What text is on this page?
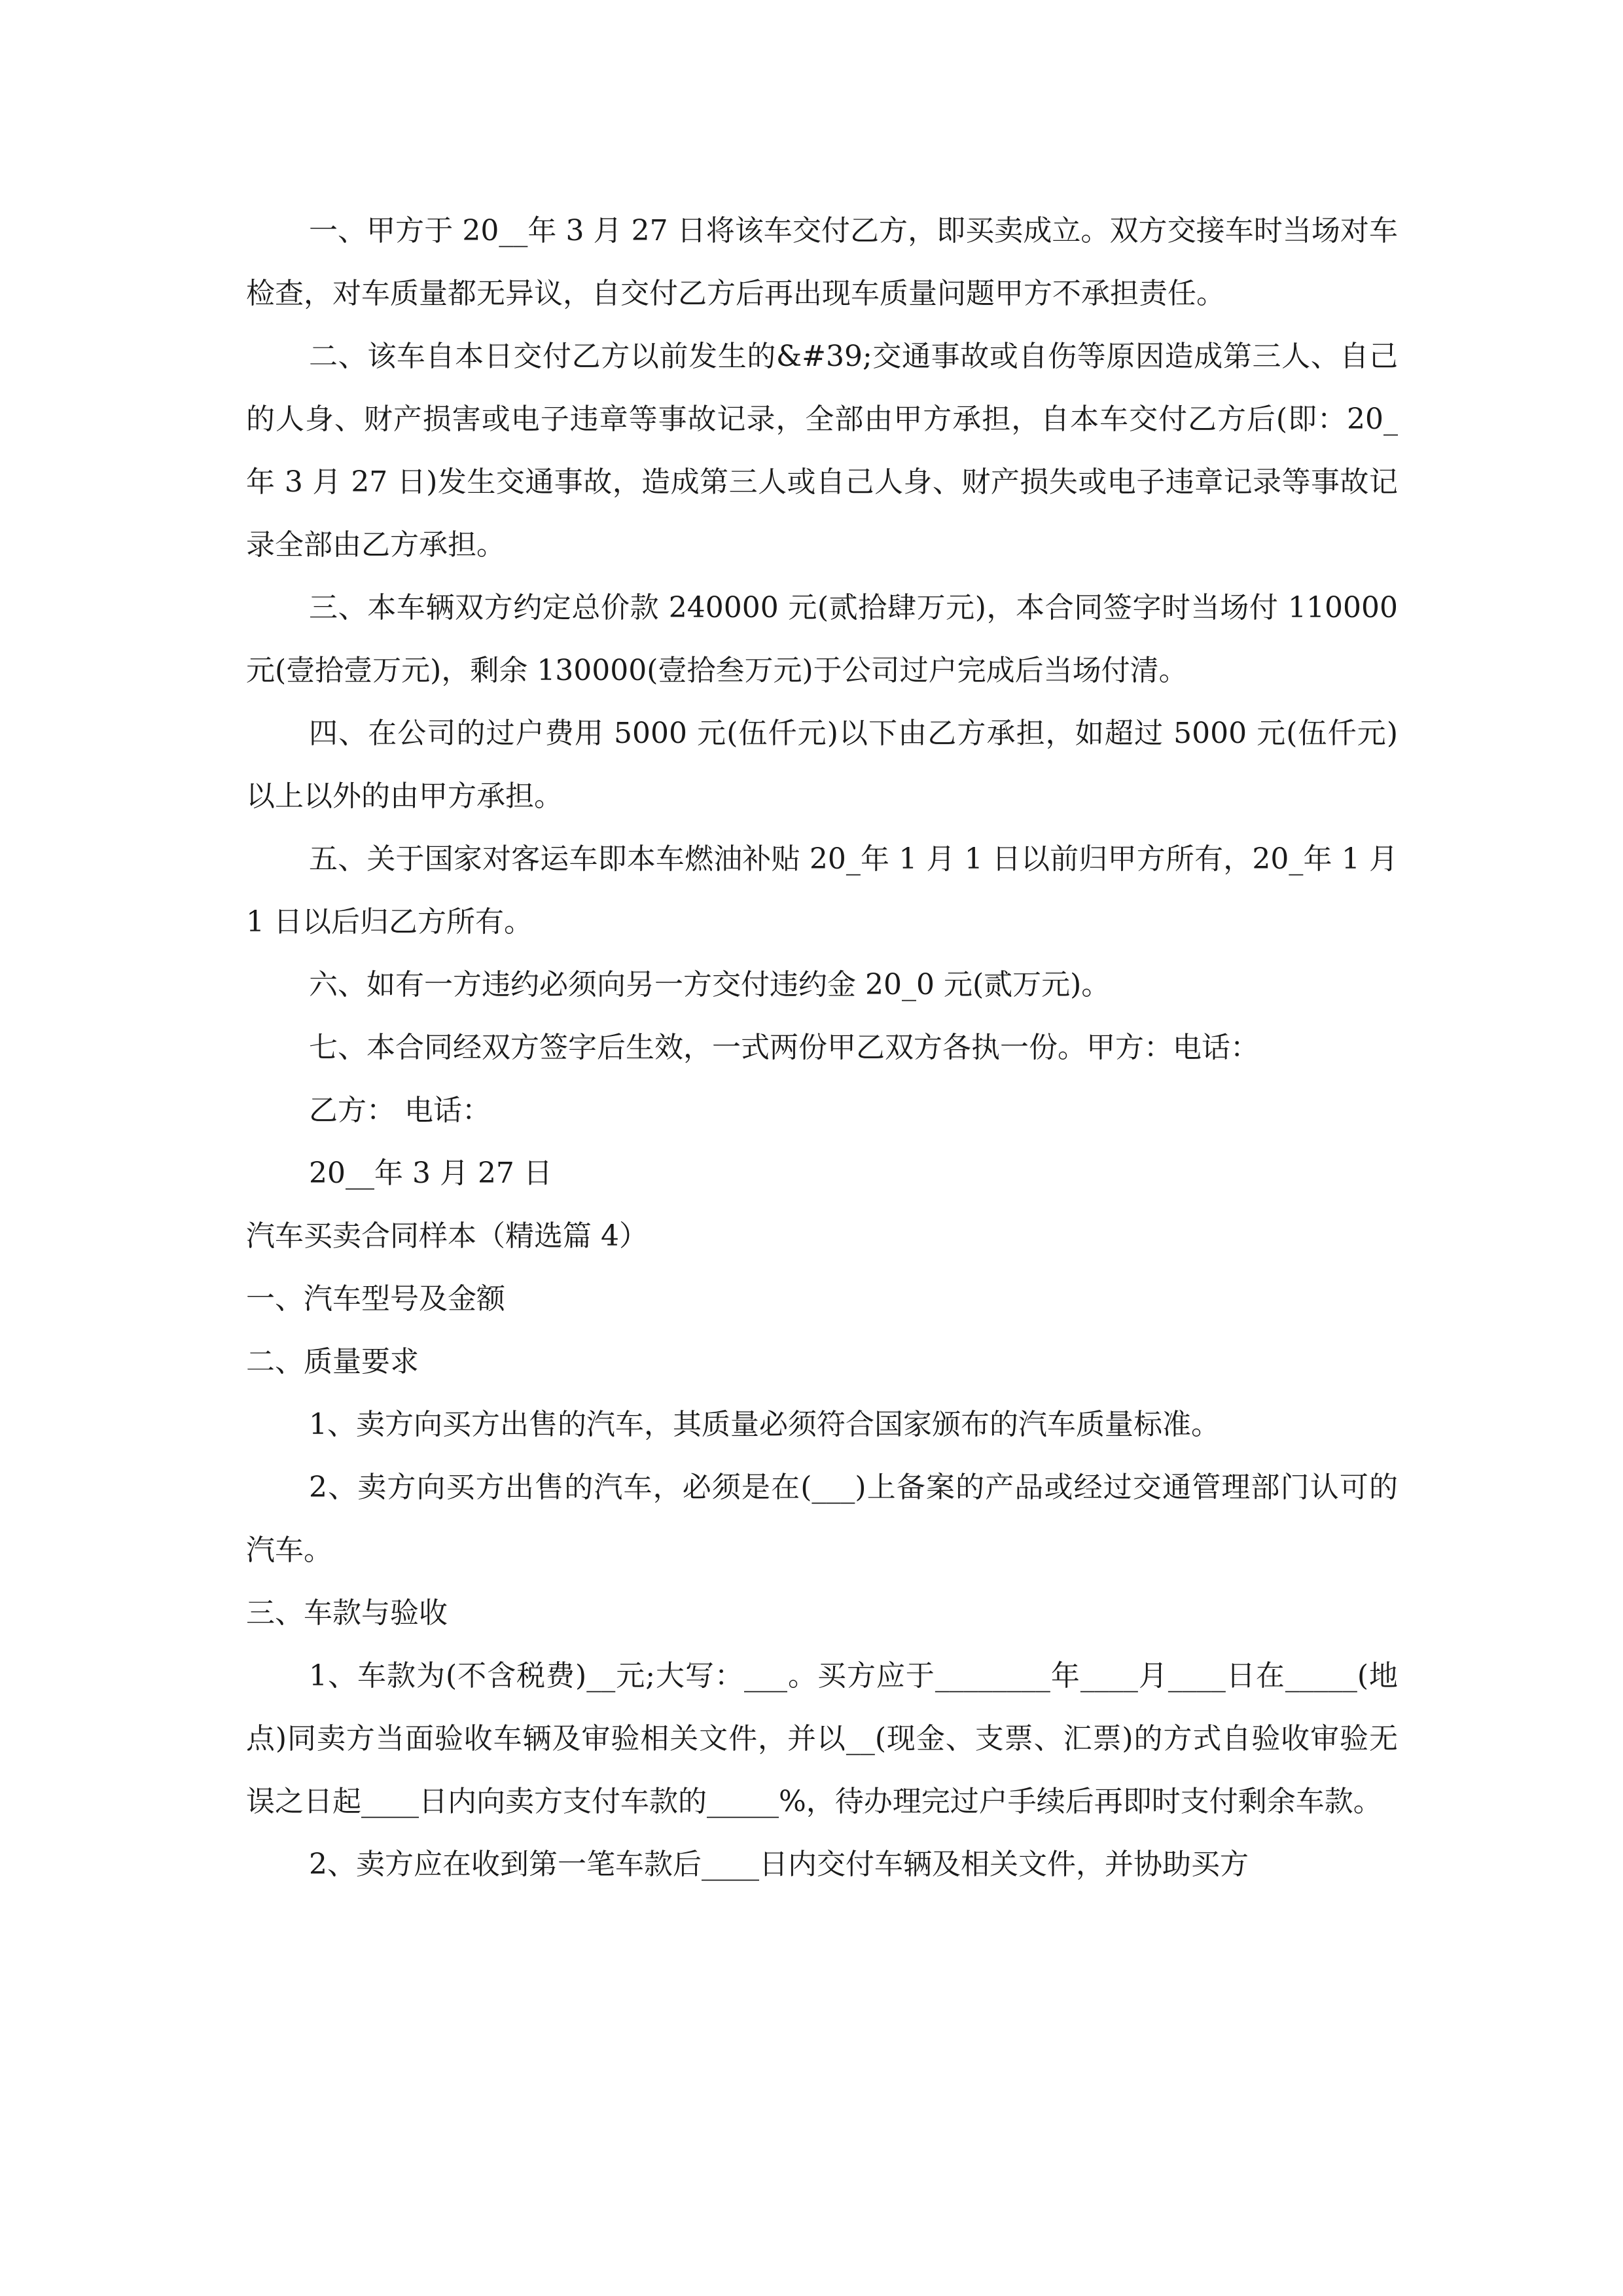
一、甲方于 20__年 3 月 27 日将该车交付乙方，即买卖成立。双方交接车时当场对车检查，对车质量都无异议，自交付乙方后再出现车质量问题甲方不承担责任。

二、该车自本日交付乙方以前发生的&#39;交通事故或自伤等原因造成第三人、自己的人身、财产损害或电子违章等事故记录，全部由甲方承担，自本车交付乙方后(即：20_年 3 月 27 日)发生交通事故，造成第三人或自己人身、财产损失或电子违章记录等事故记录全部由乙方承担。

三、本车辆双方约定总价款 240000 元(贰拾肆万元)，本合同签字时当场付 110000 元(壹拾壹万元)，剩余 130000(壹拾叁万元)于公司过户完成后当场付清。

四、在公司的过户费用 5000 元(伍仟元)以下由乙方承担，如超过 5000 元(伍仟元)以上以外的由甲方承担。

五、关于国家对客运车即本车燃油补贴 20_年 1 月 1 日以前归甲方所有，20_年 1 月 1 日以后归乙方所有。

六、如有一方违约必须向另一方交付违约金 20_0 元(贰万元)。

七、本合同经双方签字后生效，一式两份甲乙双方各执一份。甲方：电话：

乙方： 电话：

20__年 3 月 27 日

汽车买卖合同样本（精选篇 4）

一、汽车型号及金额

二、质量要求

1、卖方向买方出售的汽车，其质量必须符合国家颁布的汽车质量标准。

2、卖方向买方出售的汽车，必须是在(___)上备案的产品或经过交通管理部门认可的汽车。

三、车款与验收

1、车款为(不含税费)__元;大写：___。买方应于________年____月____日在_____(地点)同卖方当面验收车辆及审验相关文件，并以__(现金、支票、汇票)的方式自验收审验无误之日起____日内向卖方支付车款的_____%，待办理完过户手续后再即时支付剩余车款。

2、卖方应在收到第一笔车款后____日内交付车辆及相关文件，并协助买方
